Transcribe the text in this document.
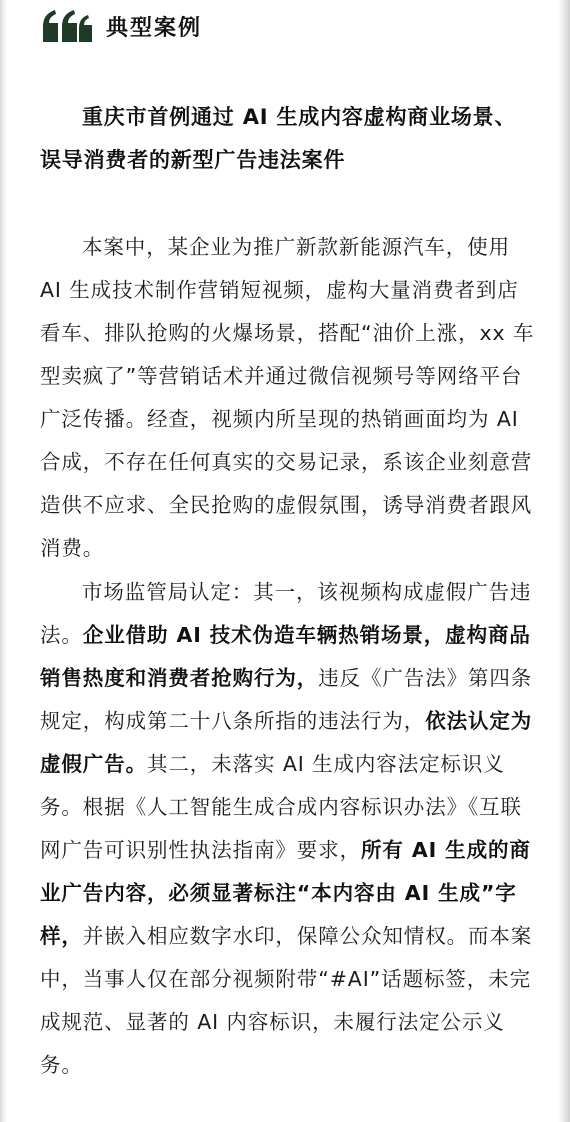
典型案例

重庆市首例通过 AI 生成内容虚构商业场景、误导消费者的新型广告违法案件

本案中，某企业为推广新款新能源汽车，使用 AI 生成技术制作营销短视频，虚构大量消费者到店看车、排队抢购的火爆场景，搭配“油价上涨，xx 车型卖疯了”等营销话术并通过微信视频号等网络平台广泛传播。经查，视频内所呈现的热销画面均为 AI 合成，不存在任何真实的交易记录，系该企业刻意营造供不应求、全民抢购的虚假氛围，诱导消费者跟风消费。

市场监管局认定：其一，该视频构成虚假广告违法。企业借助 AI 技术伪造车辆热销场景，虚构商品销售热度和消费者抢购行为，违反《广告法》第四条规定，构成第二十八条所指的违法行为，依法认定为虚假广告。其二，未落实 AI 生成内容法定标识义务。根据《人工智能生成合成内容标识办法》《互联网广告可识别性执法指南》要求，所有 AI 生成的商业广告内容，必须显著标注“本内容由 AI 生成”字样，并嵌入相应数字水印，保障公众知情权。而本案中，当事人仅在部分视频附带“#AI”话题标签，未完成规范、显著的 AI 内容标识，未履行法定公示义务。
